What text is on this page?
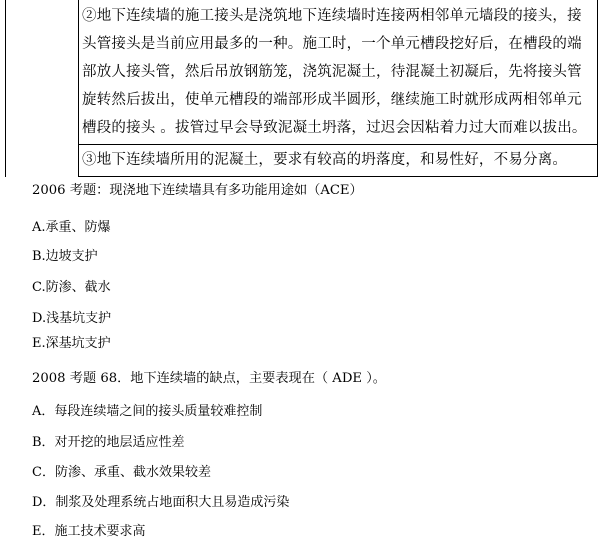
②地下连续墙的施工接头是浇筑地下连续墙时连接两相邻单元墙段的接头，接
头管接头是当前应用最多的一种。施工时，一个单元槽段挖好后，在槽段的端
部放人接头管，然后吊放钢筋笼，浇筑泥凝土，待混凝土初凝后，先将接头管
旋转然后拔出，使单元槽段的端部形成半圆形，继续施工时就形成两相邻单元
槽段的接头 。拔管过早会导致泥凝土坍落，过迟会因粘着力过大而难以拔出。
③地下连续墙所用的泥凝土，要求有较高的坍落度，和易性好，不易分离。
2006 考题：现浇地下连续墙具有多功能用途如（ACE）
A.承重、防爆
B.边坡支护
C.防渗、截水
D.浅基坑支护
E.深基坑支护
2008 考题 68．地下连续墙的缺点，主要表现在（ ADE ）。
A．每段连续墙之间的接头质量较难控制
B．对开挖的地层适应性差
C．防渗、承重、截水效果较差
D．制浆及处理系统占地面积大且易造成污染
E．施工技术要求高
